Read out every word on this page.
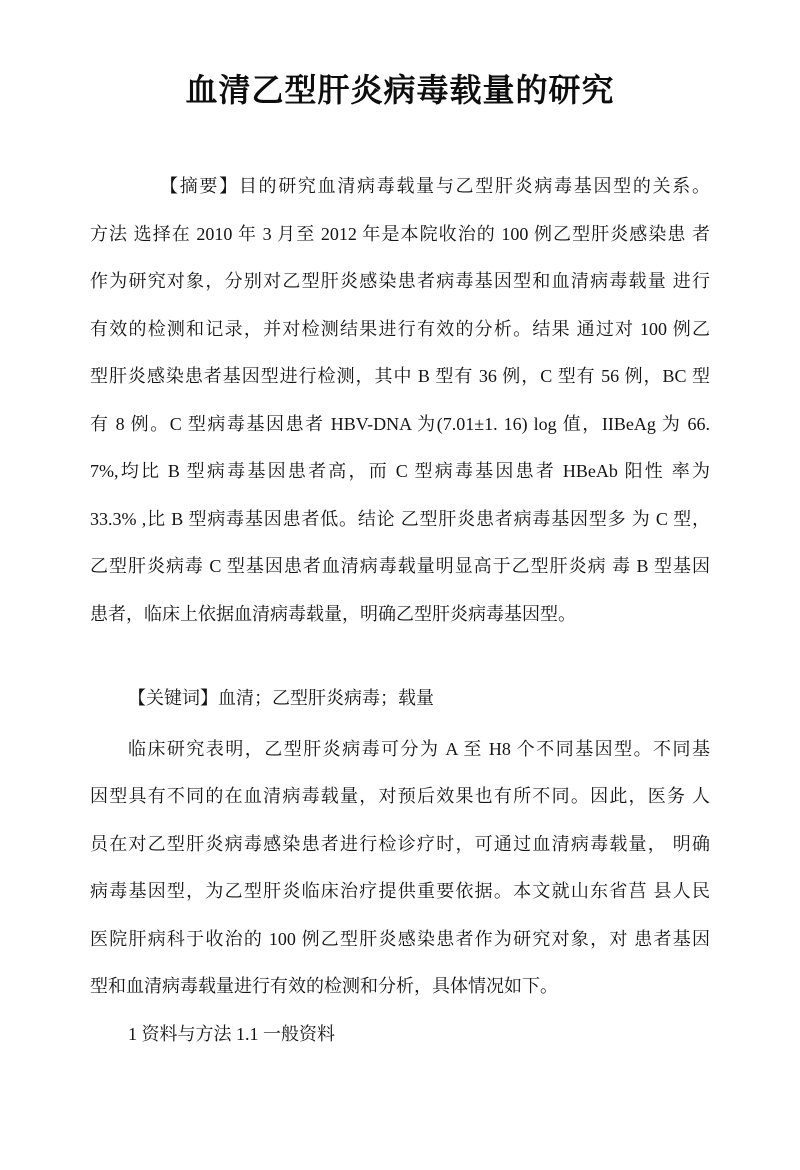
血清乙型肝炎病毒载量的研究
【摘要】目的研究血清病毒载量与乙型肝炎病毒基因型的关系。
方法 选择在 2010 年 3 月至 2012 年是本院收治的 100 例乙型肝炎感染患 者
作为研究对象，分别对乙型肝炎感染患者病毒基因型和血清病毒载量 进行
有效的检测和记录，并对检测结果进行有效的分析。结果 通过对 100 例乙
型肝炎感染患者基因型进行检测，其中 B 型有 36 例，C 型有 56 例，BC 型
有 8 例。C 型病毒基因患者 HBV-DNA 为(7.01±1. 16) log 值，IIBeAg 为 66.
7%,均比 B 型病毒基因患者高，而 C 型病毒基因患者 HBeAb 阳性 率为
33.3% ,比 B 型病毒基因患者低。结论 乙型肝炎患者病毒基因型多 为 C 型，
乙型肝炎病毒 C 型基因患者血清病毒载量明显高于乙型肝炎病 毒 B 型基因
患者，临床上依据血清病毒载量，明确乙型肝炎病毒基因型。
【关键词】血清；乙型肝炎病毒；载量
临床研究表明，乙型肝炎病毒可分为 A 至 H8 个不同基因型。不同基
因型具有不同的在血清病毒载量，对预后效果也有所不同。因此，医务 人
员在对乙型肝炎病毒感染患者进行检诊疗时，可通过血清病毒载量， 明确
病毒基因型，为乙型肝炎临床治疗提供重要依据。本文就山东省莒 县人民
医院肝病科于收治的 100 例乙型肝炎感染患者作为研究对象，对 患者基因
型和血清病毒载量进行有效的检测和分析，具体情况如下。
1 资料与方法 1.1 一般资料
